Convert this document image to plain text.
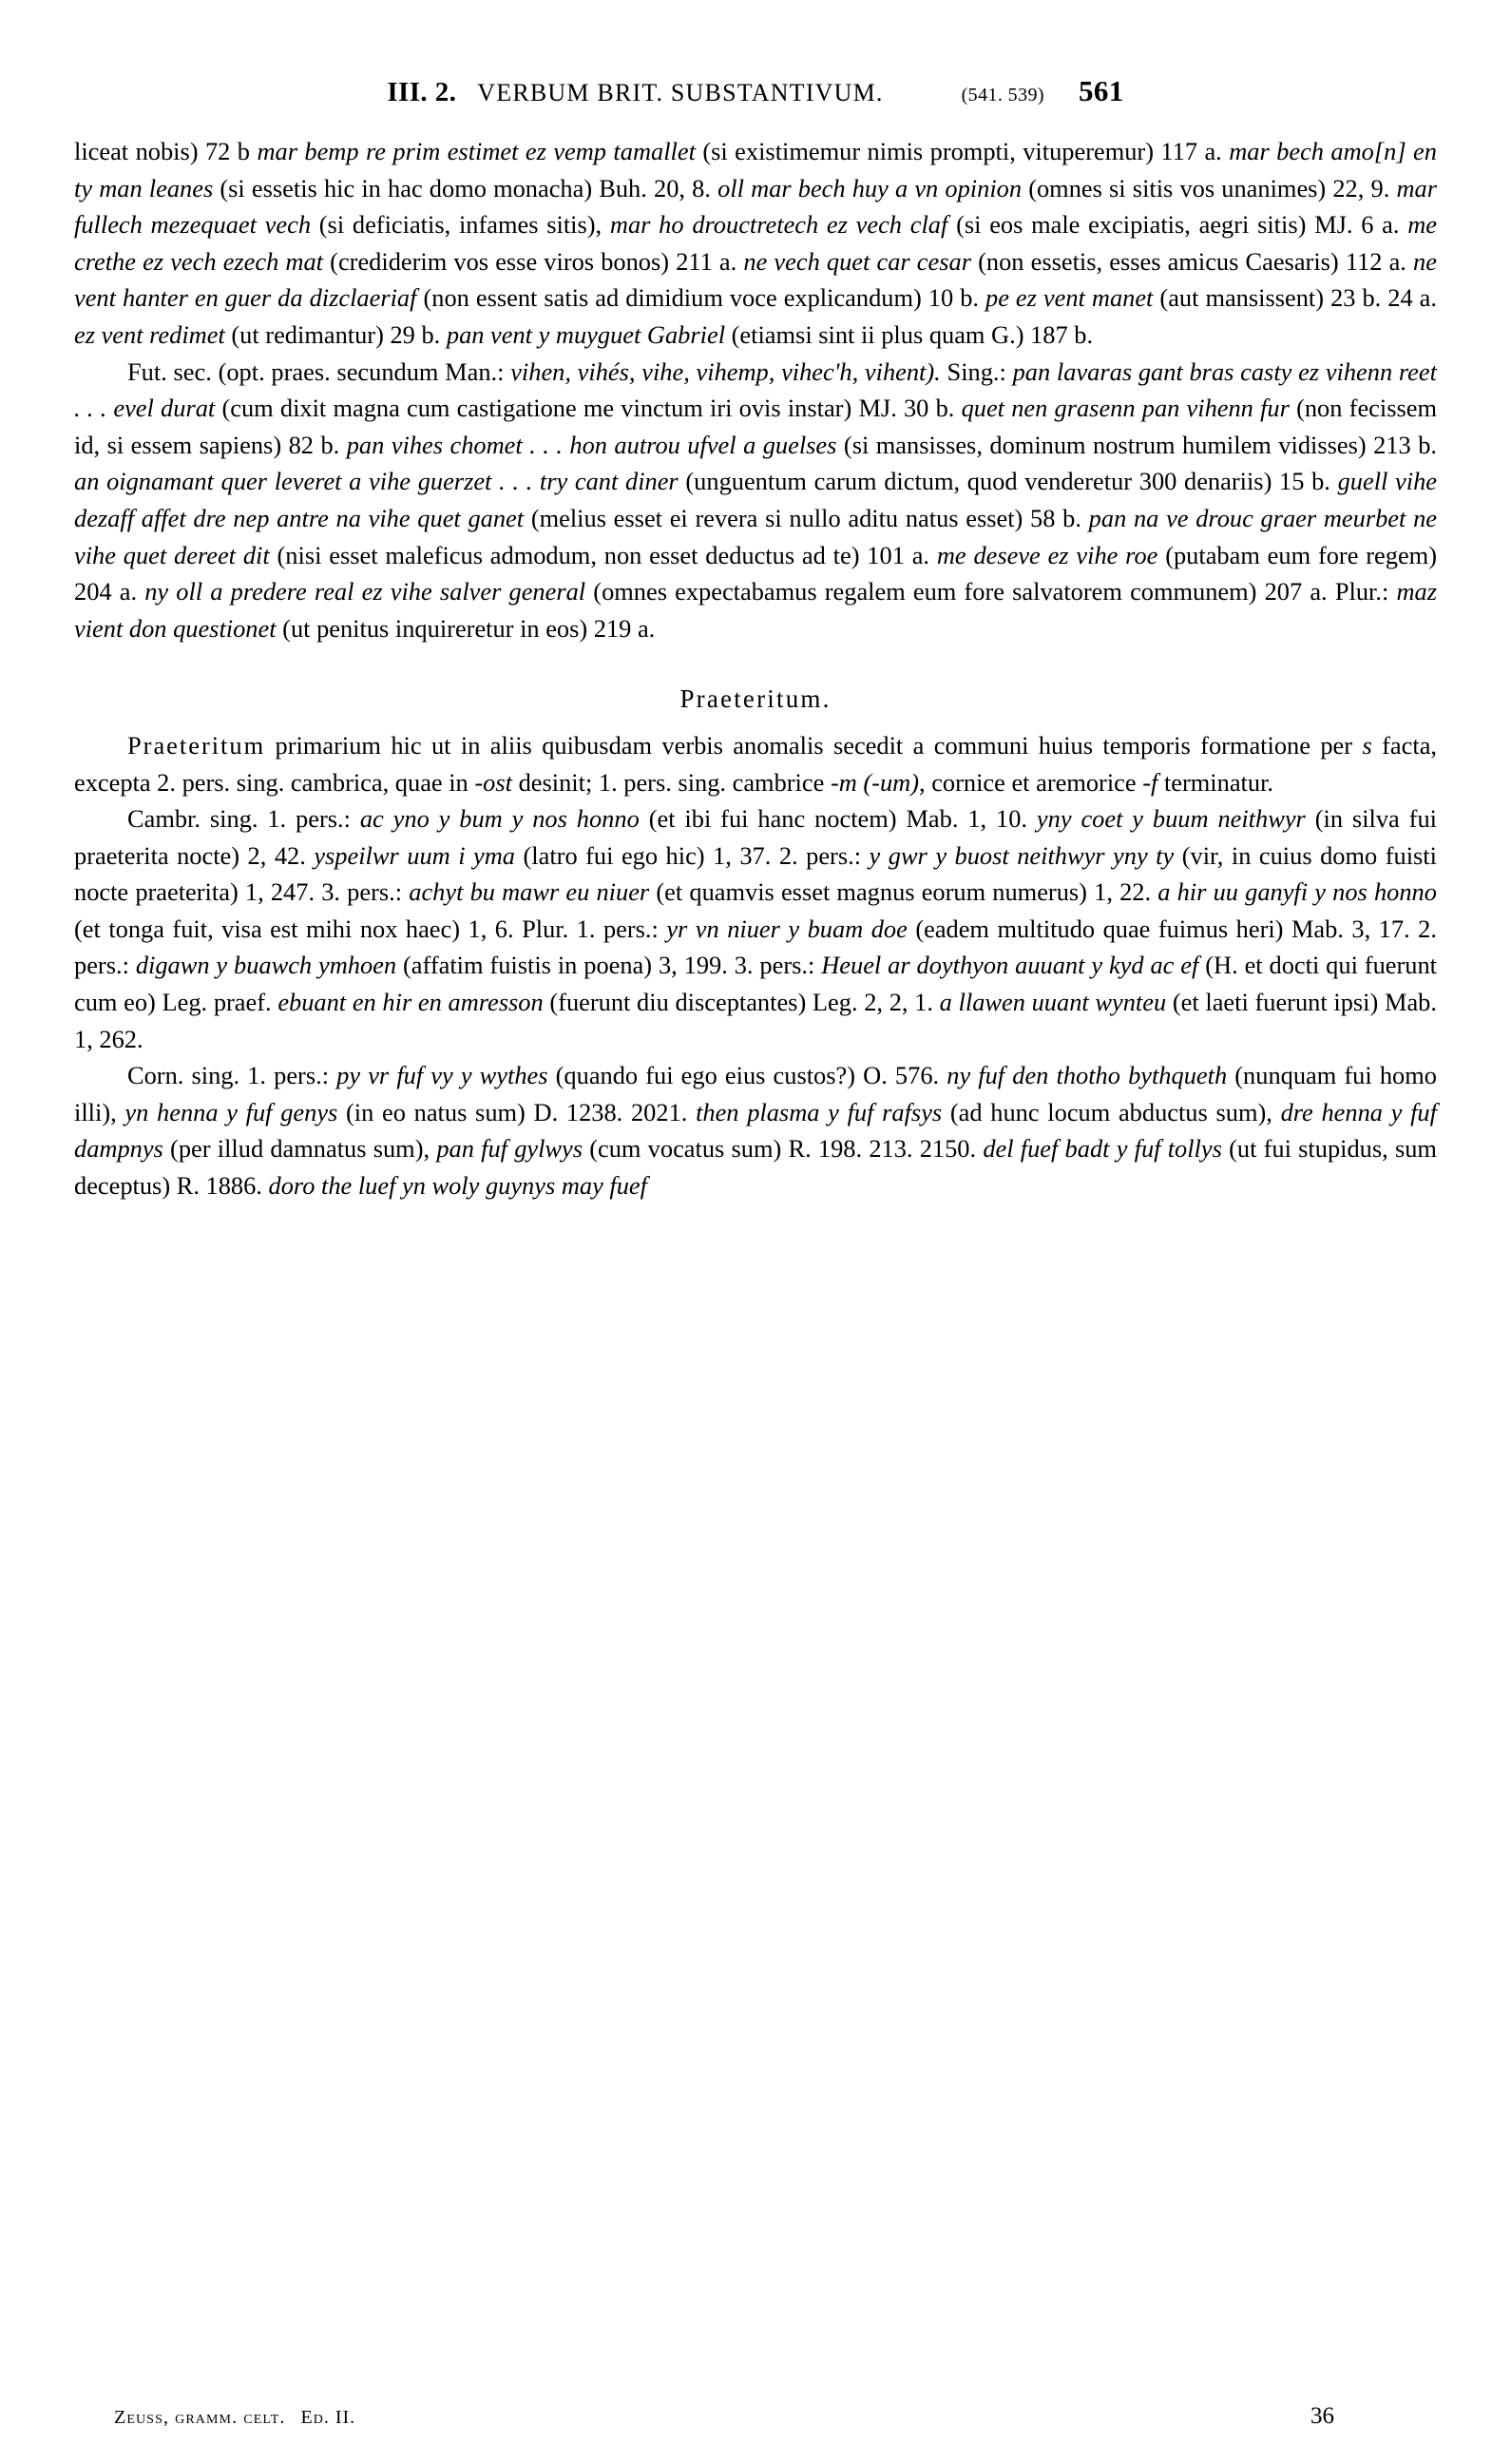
III. 2. VERBUM BRIT. SUBSTANTIVUM.	(541. 539) 561

liceat nobis) 72 b mar bemp re prim estimet ez vemp tamallet (si existimemur nimis prompti, vituperemur) 117 a. mar bech amo[n] en ty man leanes (si essetis hic in hac domo monacha) Buh. 20, 8. oll mar bech huy a vn opinion (omnes si sitis vos unanimes) 22, 9. mar fullech mezequaet vech (si deficiatis, infames sitis), mar ho drouctretech ez vech claf (si eos male excipiatis, aegri sitis) MJ. 6 a. me crethe ez vech ezech mat (crediderim vos esse viros bonos) 211 a. ne vech quet car cesar (non essetis, esses amicus Caesaris) 112 a. ne vent hanter en guer da dizclaeriaf (non essent satis ad dimidium voce explicandum) 10 b. pe ez vent manet (aut mansissent) 23 b. 24 a. ez vent redimet (ut redimantur) 29 b. pan vent y muyguet Gabriel (etiamsi sint ii plus quam G.) 187 b.

Fut. sec. (opt. praes. secundum Man.: vihen, vihés, vihe, vihemp, vihec'h, vihent). Sing.: pan lavaras gant bras casty ez vihenn reet . . . evel durat (cum dixit magna cum castigatione me vinctum iri ovis instar) MJ. 30 b. quet nen grasenn pan vihenn fur (non fecissem id, si essem sapiens) 82 b. pan vihes chomet . . . hon autrou ufvel a guelses (si mansisses, dominum nostrum humilem vidisses) 213 b. an oignamant quer leveret a vihe guerzet . . . try cant diner (unguentum carum dictum, quod venderetur 300 denariis) 15 b. guell vihe dezaff affet dre nep antre na vihe quet ganet (melius esset ei revera si nullo aditu natus esset) 58 b. pan na ve drouc graer meurbet ne vihe quet dereet dit (nisi esset maleficus admodum, non esset deductus ad te) 101 a. me deseve ez vihe roe (putabam eum fore regem) 204 a. ny oll a predere real ez vihe salver general (omnes expectabamus regalem eum fore salvatorem communem) 207 a. Plur.: maz vient don questionet (ut penitus inquireretur in eos) 219 a.

Praeteritum.

Praeteritum primarium hic ut in aliis quibusdam verbis anomalis secedit a communi huius temporis formatione per s facta, excepta 2. pers. sing. cambrica, quae in -ost desinit; 1. pers. sing. cambrice -m (-um), cornice et aremorice -f terminatur.

Cambr. sing. 1. pers.: ac yno y bum y nos honno (et ibi fui hanc noctem) Mab. 1, 10. yny coet y buum neithwyr (in silva fui praeterita nocte) 2, 42. yspeilwr uum i yma (latro fui ego hic) 1, 37. 2. pers.: y gwr y buost neithwyr yny ty (vir, in cuius domo fuisti nocte praeterita) 1, 247. 3. pers.: achyt bu mawr eu niuer (et quamvis esset magnus eorum numerus) 1, 22. a hir uu ganyfi y nos honno (et tonga fuit, visa est mihi nox haec) 1, 6. Plur. 1. pers.: yr vn niuer y buam doe (eadem multitudo quae fuimus heri) Mab. 3, 17. 2. pers.: digawn y buawch ymhoen (affatim fuistis in poena) 3, 199. 3. pers.: Heuel ar doythyon auuant y kyd ac ef (H. et docti qui fuerunt cum eo) Leg. praef. ebuant en hir en amresson (fuerunt diu disceptantes) Leg. 2, 2, 1. a llawen uuant wynteu (et laeti fuerunt ipsi) Mab. 1, 262.

Corn. sing. 1. pers.: py vr fuf vy y wythes (quando fui ego eius custos?) O. 576. ny fuf den thotho bythqueth (nunquam fui homo illi), yn henna y fuf genys (in eo natus sum) D. 1238. 2021. then plasma y fuf rafsys (ad hunc locum abductus sum), dre henna y fuf dampnys (per illud damnatus sum), pan fuf gylwys (cum vocatus sum) R. 198. 213. 2150. del fuef badt y fuf tollys (ut fui stupidus, sum deceptus) R. 1886. doro the luef yn woly guynys may fuef

Zeuss, gramm. celt. Ed. II.	36
